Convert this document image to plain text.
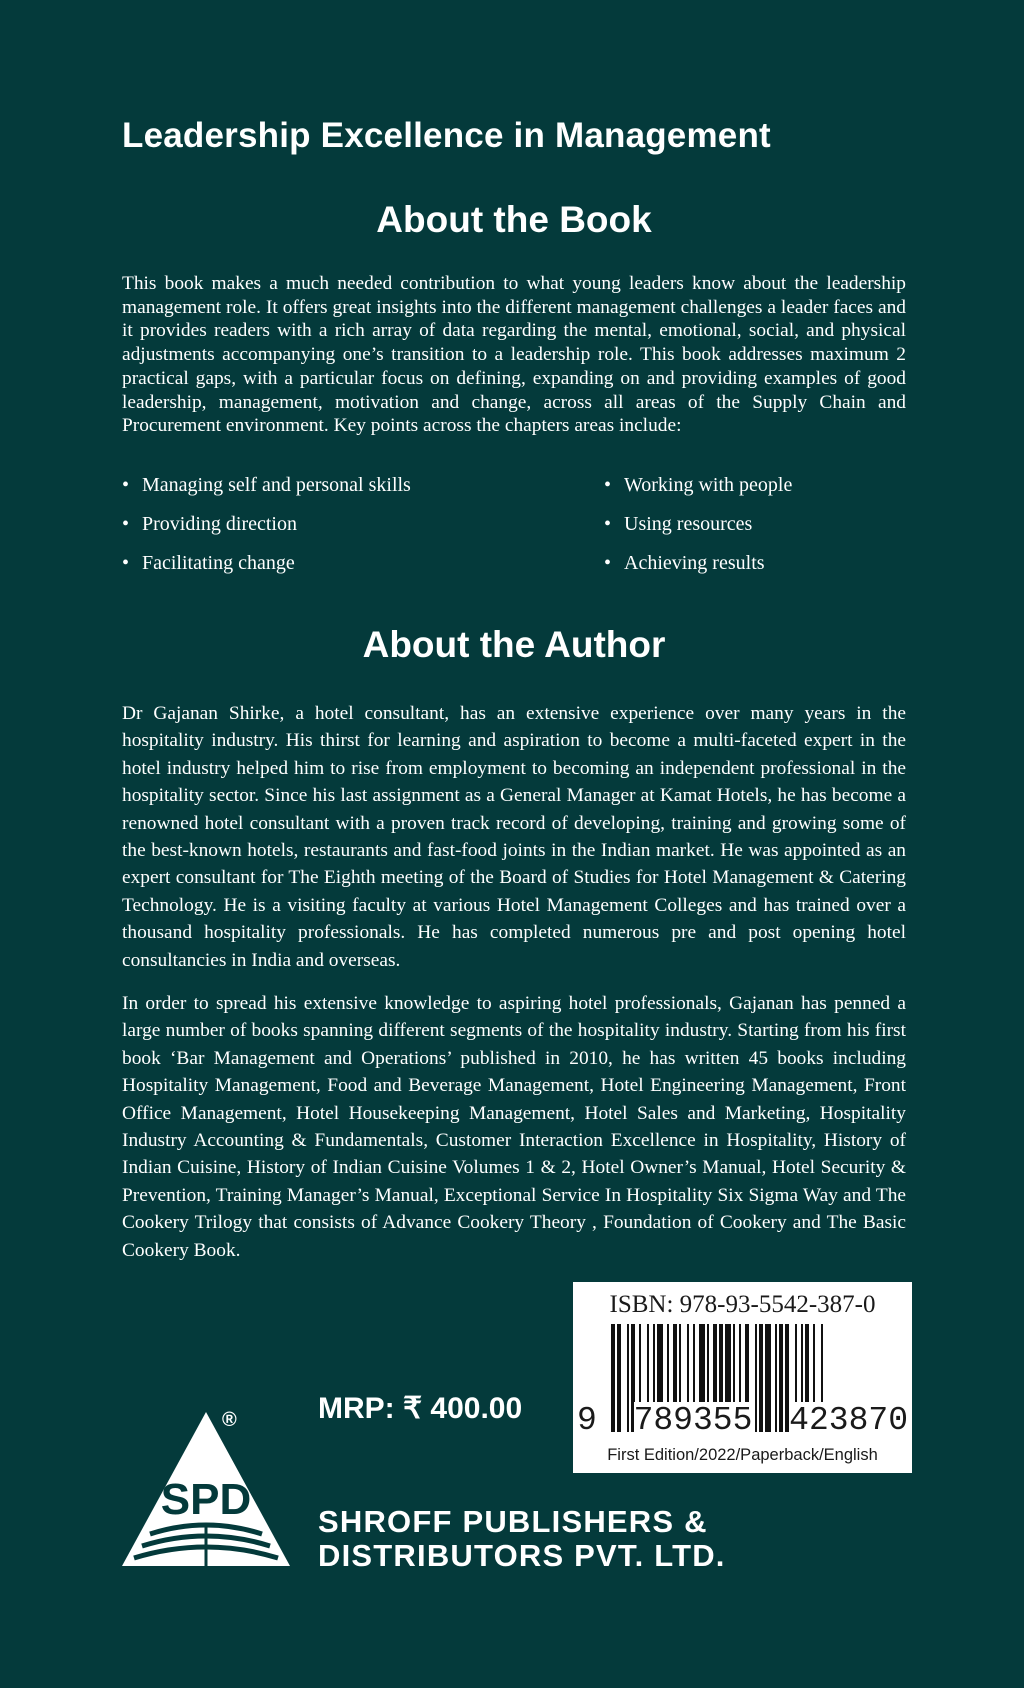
Leadership Excellence in Management
About the Book

This book makes a much needed contribution to what young leaders know about the leadership management role. It offers great insights into the different management challenges a leader faces and it provides readers with a rich array of data regarding the mental, emotional, social, and physical adjustments accompanying one’s transition to a leadership role. This book addresses maximum 2 practical gaps, with a particular focus on defining, expanding on and providing examples of good leadership, management, motivation and change, across all areas of the Supply Chain and Procurement environment. Key points across the chapters areas include:

• Managing self and personal skills	• Working with people
• Providing direction	• Using resources
• Facilitating change	• Achieving results
About the Author

Dr Gajanan Shirke, a hotel consultant, has an extensive experience over many years in the hospitality industry. His thirst for learning and aspiration to become a multi-faceted expert in the hotel industry helped him to rise from employment to becoming an independent professional in the hospitality sector. Since his last assignment as a General Manager at Kamat Hotels, he has become a renowned hotel consultant with a proven track record of developing, training and growing some of the best-known hotels, restaurants and fast-food joints in the Indian market. He was appointed as an expert consultant for The Eighth meeting of the Board of Studies for Hotel Management & Catering Technology. He is a visiting faculty at various Hotel Management Colleges and has trained over a thousand hospitality professionals. He has completed numerous pre and post opening hotel consultancies in India and overseas.

In order to spread his extensive knowledge to aspiring hotel professionals, Gajanan has penned a large number of books spanning different segments of the hospitality industry. Starting from his first book ‘Bar Management and Operations’ published in 2010, he has written 45 books including Hospitality Management, Food and Beverage Management, Hotel Engineering Management, Front Office Management, Hotel Housekeeping Management, Hotel Sales and Marketing, Hospitality Industry Accounting & Fundamentals, Customer Interaction Excellence in Hospitality, History of Indian Cuisine, History of Indian Cuisine Volumes 1 & 2, Hotel Owner’s Manual, Hotel Security & Prevention, Training Manager’s Manual, Exceptional Service In Hospitality Six Sigma Way and The Cookery Trilogy that consists of Advance Cookery Theory , Foundation of Cookery and The Basic Cookery Book.

ISBN: 978-93-5542-387-0
9 789355 423870
First Edition/2022/Paperback/English
MRP: ₹ 400.00
SPD
®
SHROFF PUBLISHERS &
DISTRIBUTORS PVT. LTD.
